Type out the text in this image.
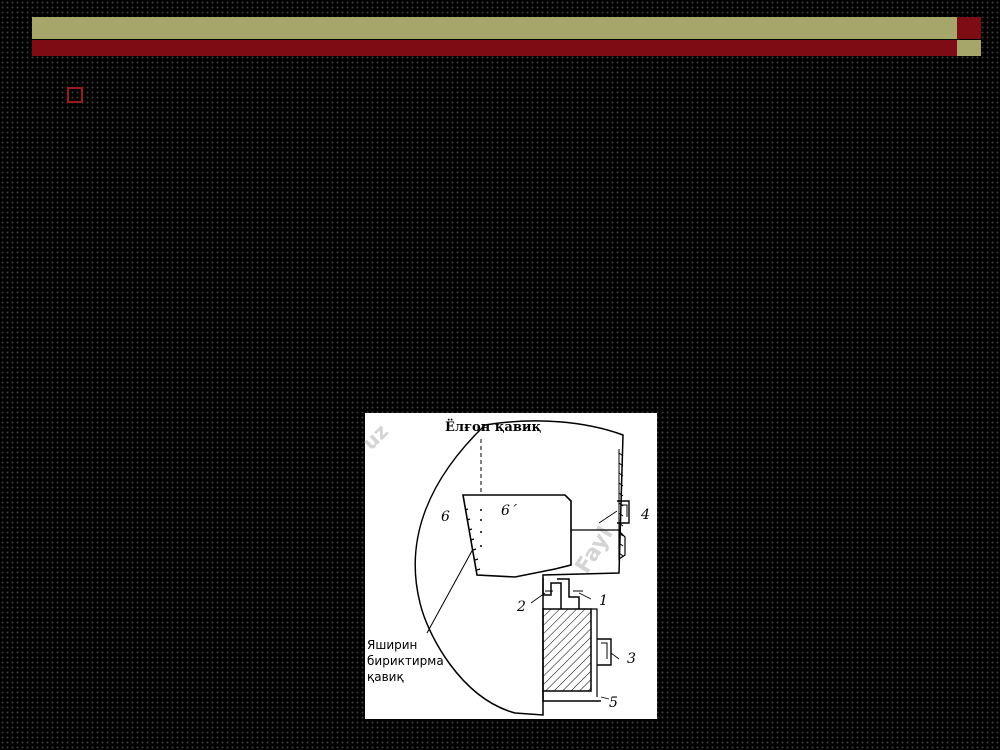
uz
Fayl
Ёлғон қавиқ
6	6´
1
2
3
4
5
Яширин
бириктирма
қавиқ
